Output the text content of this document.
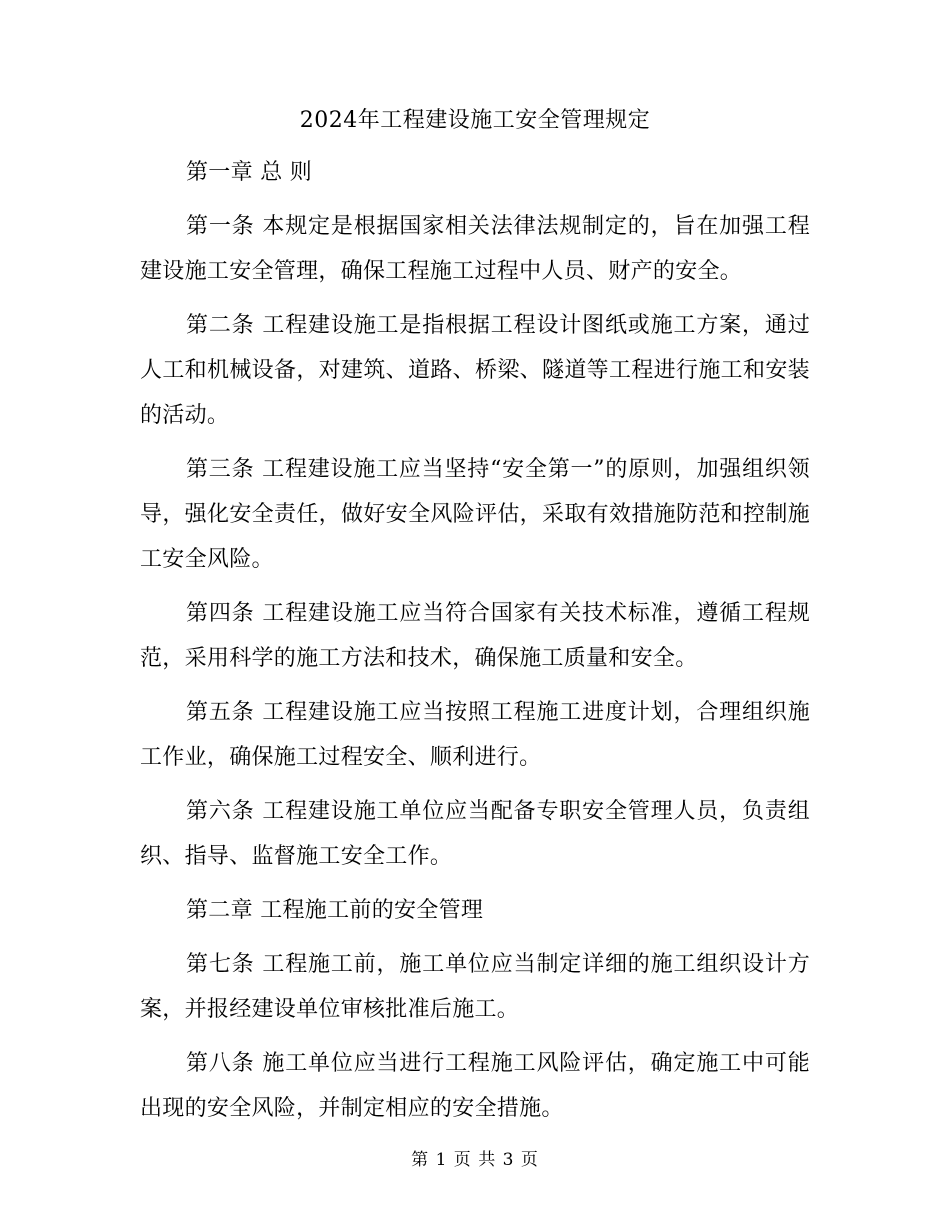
2024年工程建设施工安全管理规定

第一章 总 则

第一条 本规定是根据国家相关法律法规制定的，旨在加强工程建设施工安全管理，确保工程施工过程中人员、财产的安全。

第二条 工程建设施工是指根据工程设计图纸或施工方案，通过人工和机械设备，对建筑、道路、桥梁、隧道等工程进行施工和安装的活动。

第三条 工程建设施工应当坚持“安全第一”的原则，加强组织领导，强化安全责任，做好安全风险评估，采取有效措施防范和控制施工安全风险。

第四条 工程建设施工应当符合国家有关技术标准，遵循工程规范，采用科学的施工方法和技术，确保施工质量和安全。

第五条 工程建设施工应当按照工程施工进度计划，合理组织施工作业，确保施工过程安全、顺利进行。

第六条 工程建设施工单位应当配备专职安全管理人员，负责组织、指导、监督施工安全工作。

第二章 工程施工前的安全管理

第七条 工程施工前，施工单位应当制定详细的施工组织设计方案，并报经建设单位审核批准后施工。

第八条 施工单位应当进行工程施工风险评估，确定施工中可能出现的安全风险，并制定相应的安全措施。

第 1 页 共 3 页
